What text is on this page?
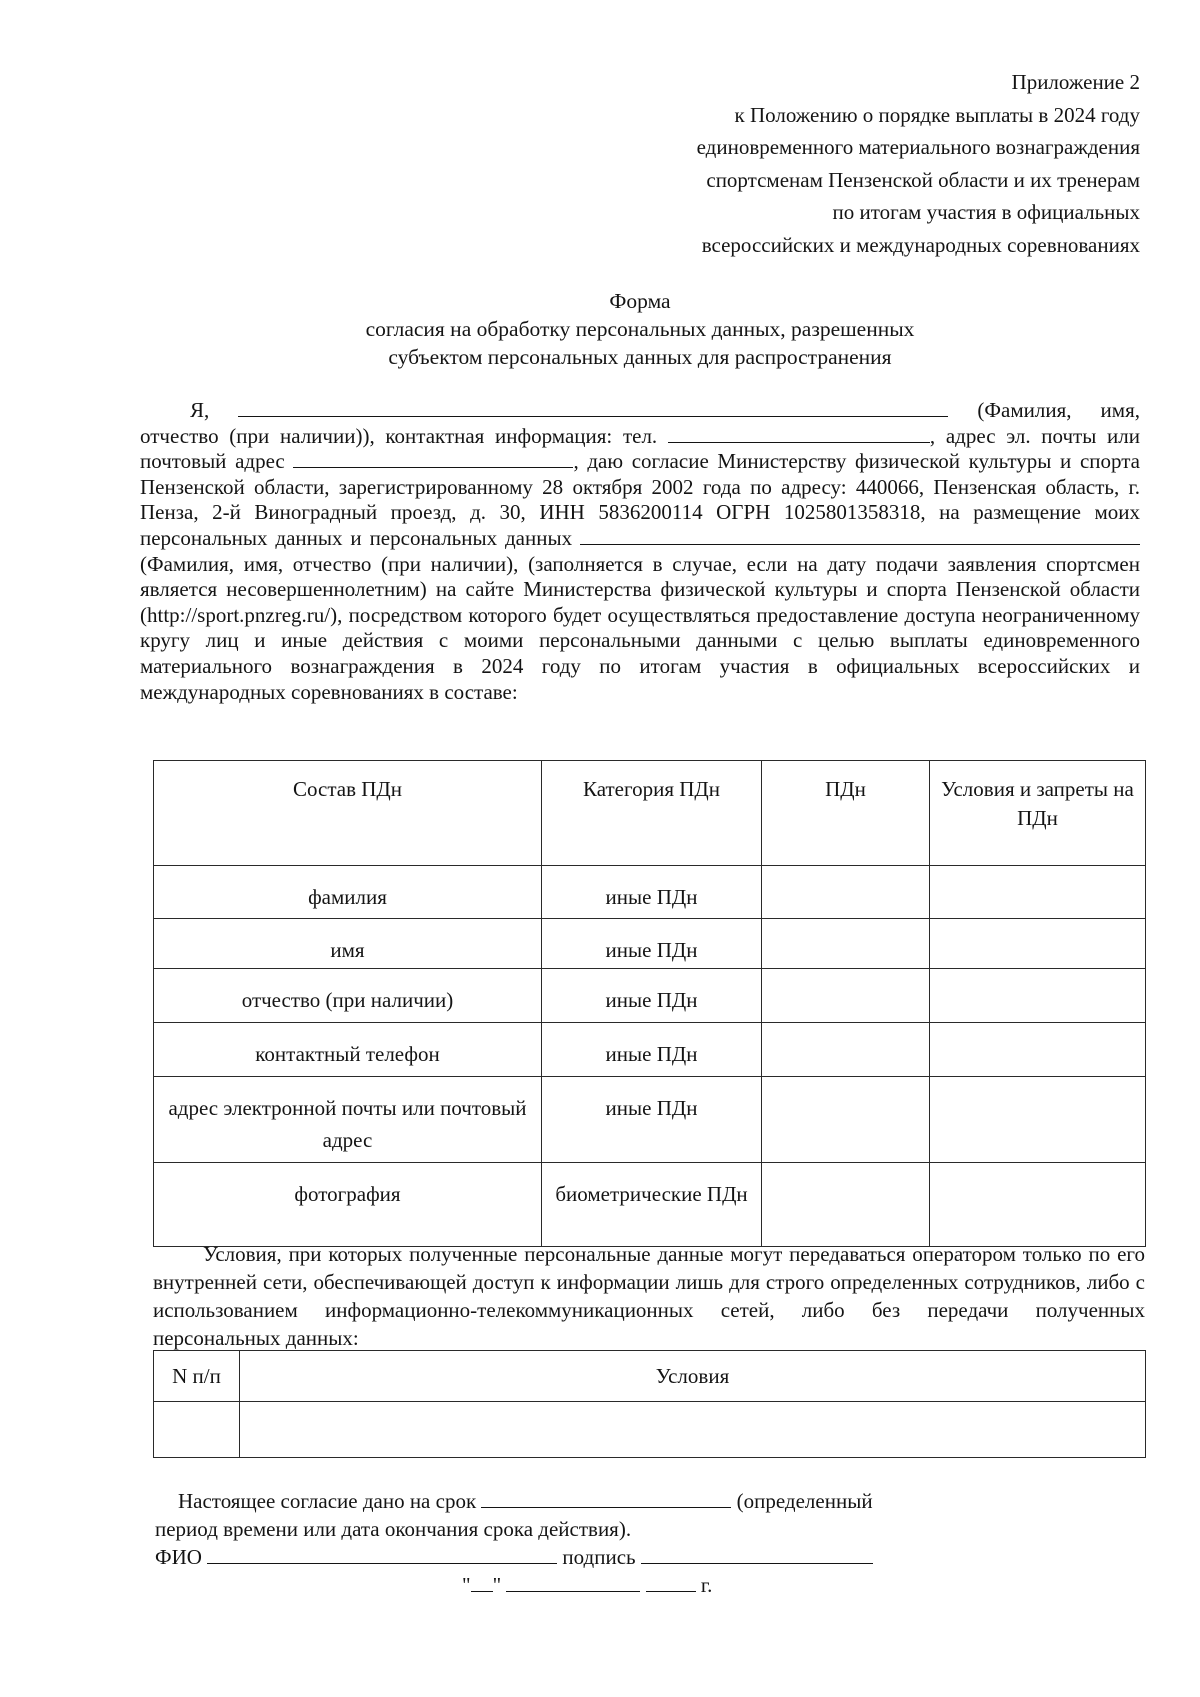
Приложение 2
к Положению о порядке выплаты в 2024 году
единовременного материального вознаграждения
спортсменам Пензенской области и их тренерам
по итогам участия в официальных
всероссийских и международных соревнованиях
Форма
согласия на обработку персональных данных, разрешенных
субъектом персональных данных для распространения

Я,	(Фамилия, имя, отчество (при наличии)), контактная информация: тел.	, адрес эл. почты или почтовый адрес	, даю согласие Министерству физической культуры и спорта Пензенской области, зарегистрированному 28 октября 2002 года по адресу: 440066, Пензенская область, г. Пенза, 2-й Виноградный проезд, д. 30, ИНН 5836200114 ОГРН 1025801358318, на размещение моих персональных данных и персональных данных  (Фамилия, имя, отчество (при наличии), (заполняется в случае, если на дату подачи заявления спортсмен является несовершеннолетним) на сайте Министерства физической культуры и спорта Пензенской области (http://sport.pnzreg.ru/), посредством которого будет осуществляться предоставление доступа неограниченному кругу лиц и иные действия с моими персональными данными с целью выплаты единовременного материального вознаграждения в 2024 году по итогам участия в официальных всероссийских и международных соревнованиях в составе:

Состав ПДн	Категория ПДн	ПДн	Условия и запреты на ПДн
фамилия	иные ПДн		
имя	иные ПДн		
отчество (при наличии)	иные ПДн		
контактный телефон	иные ПДн		
адрес электронной почты или почтовый адрес	иные ПДн		
фотография	биометрические ПДн		

Условия, при которых полученные персональные данные могут передаваться оператором только по его внутренней сети, обеспечивающей доступ к информации лишь для строго определенных сотрудников, либо с использованием информационно-телекоммуникационных сетей, либо без передачи полученных персональных данных:

N п/п	Условия

Настоящее согласие дано на срок	(определенный
период времени или дата окончания срока действия).
ФИО	подпись
" "	г.
